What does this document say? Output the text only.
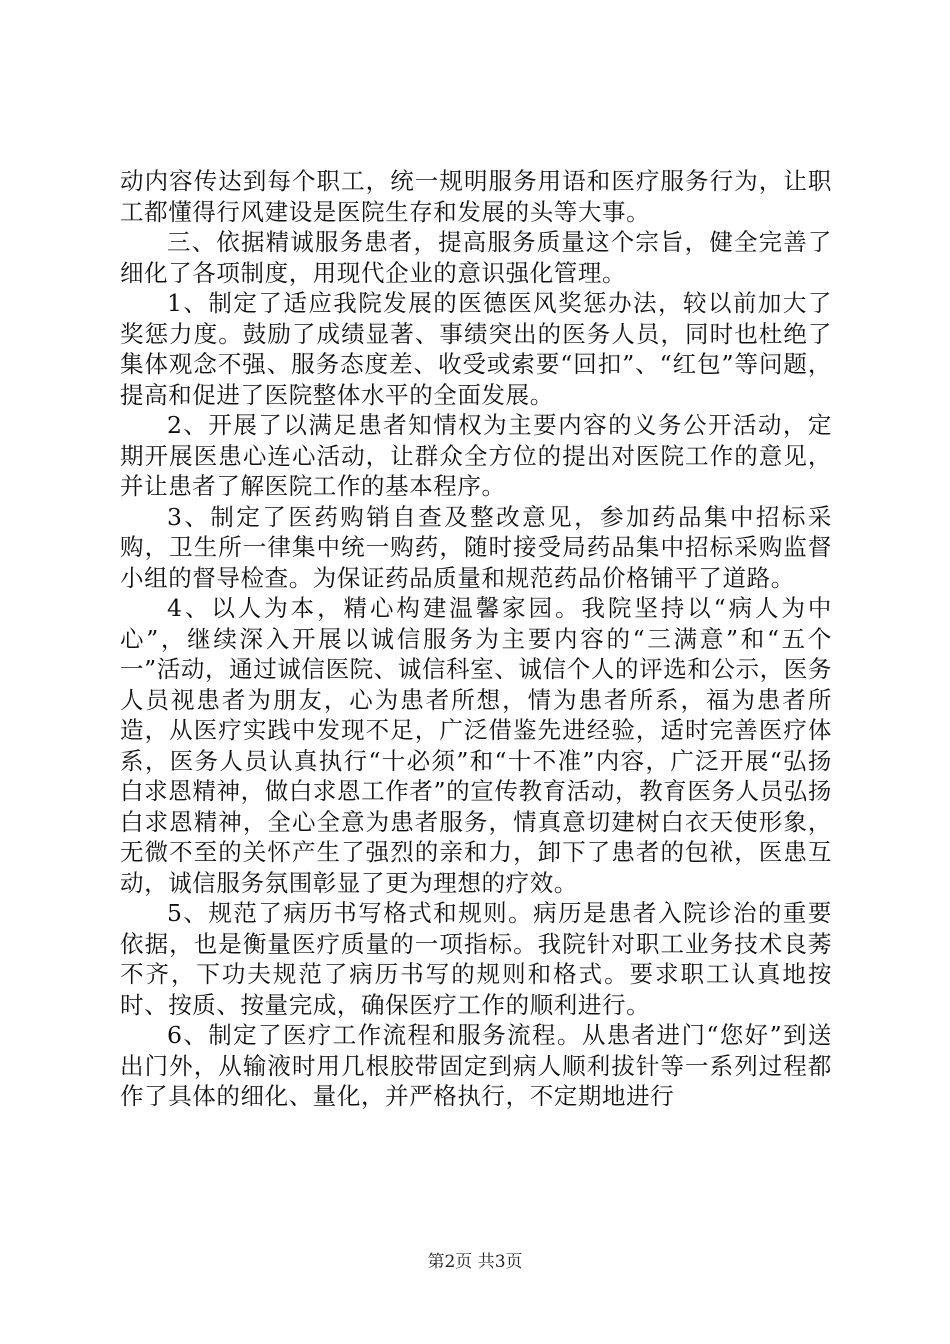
动内容传达到每个职工，统一规明服务用语和医疗服务行为，让职工都懂得行风建设是医院生存和发展的头等大事。

三、依据精诚服务患者，提高服务质量这个宗旨，健全完善了细化了各项制度，用现代企业的意识强化管理。

1、制定了适应我院发展的医德医风奖惩办法，较以前加大了奖惩力度。鼓励了成绩显著、事绩突出的医务人员，同时也杜绝了集体观念不强、服务态度差、收受或索要“回扣”、“红包”等问题，提高和促进了医院整体水平的全面发展。

2、开展了以满足患者知情权为主要内容的义务公开活动，定期开展医患心连心活动，让群众全方位的提出对医院工作的意见，并让患者了解医院工作的基本程序。

3、制定了医药购销自查及整改意见，参加药品集中招标采购，卫生所一律集中统一购药，随时接受局药品集中招标采购监督小组的督导检查。为保证药品质量和规范药品价格铺平了道路。

4、以人为本，精心构建温馨家园。我院坚持以“病人为中心”，继续深入开展以诚信服务为主要内容的“三满意”和“五个一”活动，通过诚信医院、诚信科室、诚信个人的评选和公示，医务人员视患者为朋友，心为患者所想，情为患者所系，福为患者所造，从医疗实践中发现不足，广泛借鉴先进经验，适时完善医疗体系，医务人员认真执行“十必须”和“十不准”内容，广泛开展“弘扬白求恩精神，做白求恩工作者”的宣传教育活动，教育医务人员弘扬白求恩精神，全心全意为患者服务，情真意切建树白衣天使形象，无微不至的关怀产生了强烈的亲和力，卸下了患者的包袱，医患互动，诚信服务氛围彰显了更为理想的疗效。

5、规范了病历书写格式和规则。病历是患者入院诊治的重要依据，也是衡量医疗质量的一项指标。我院针对职工业务技术良莠不齐，下功夫规范了病历书写的规则和格式。要求职工认真地按时、按质、按量完成，确保医疗工作的顺利进行。

6、制定了医疗工作流程和服务流程。从患者进门“您好”到送出门外，从输液时用几根胶带固定到病人顺利拔针等一系列过程都作了具体的细化、量化，并严格执行，不定期地进行

第2页 共3页
